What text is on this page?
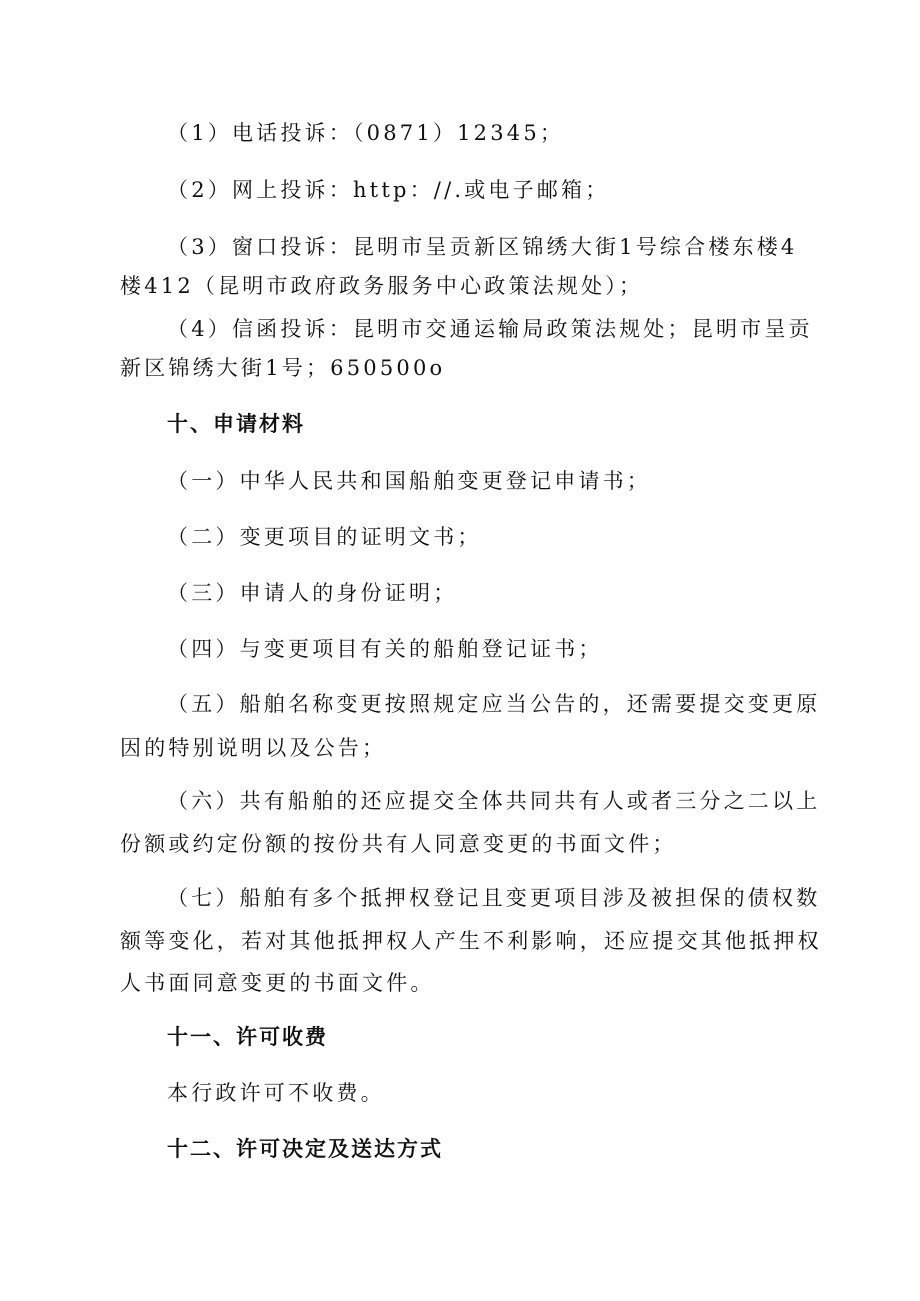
（1）电话投诉：（0871）12345；
（2）网上投诉：http：//.或电子邮箱；
（3）窗口投诉：昆明市呈贡新区锦绣大街1号综合楼东楼4
楼412（昆明市政府政务服务中心政策法规处）；
（4）信函投诉：昆明市交通运输局政策法规处；昆明市呈贡
新区锦绣大街1号；650500o
十、申请材料
（一）中华人民共和国船舶变更登记申请书；
（二）变更项目的证明文书；
（三）申请人的身份证明；
（四）与变更项目有关的船舶登记证书；
（五）船舶名称变更按照规定应当公告的，还需要提交变更原
因的特别说明以及公告；
（六）共有船舶的还应提交全体共同共有人或者三分之二以上
份额或约定份额的按份共有人同意变更的书面文件；
（七）船舶有多个抵押权登记且变更项目涉及被担保的债权数
额等变化，若对其他抵押权人产生不利影响，还应提交其他抵押权
人书面同意变更的书面文件。
十一、许可收费
本行政许可不收费。
十二、许可决定及送达方式
